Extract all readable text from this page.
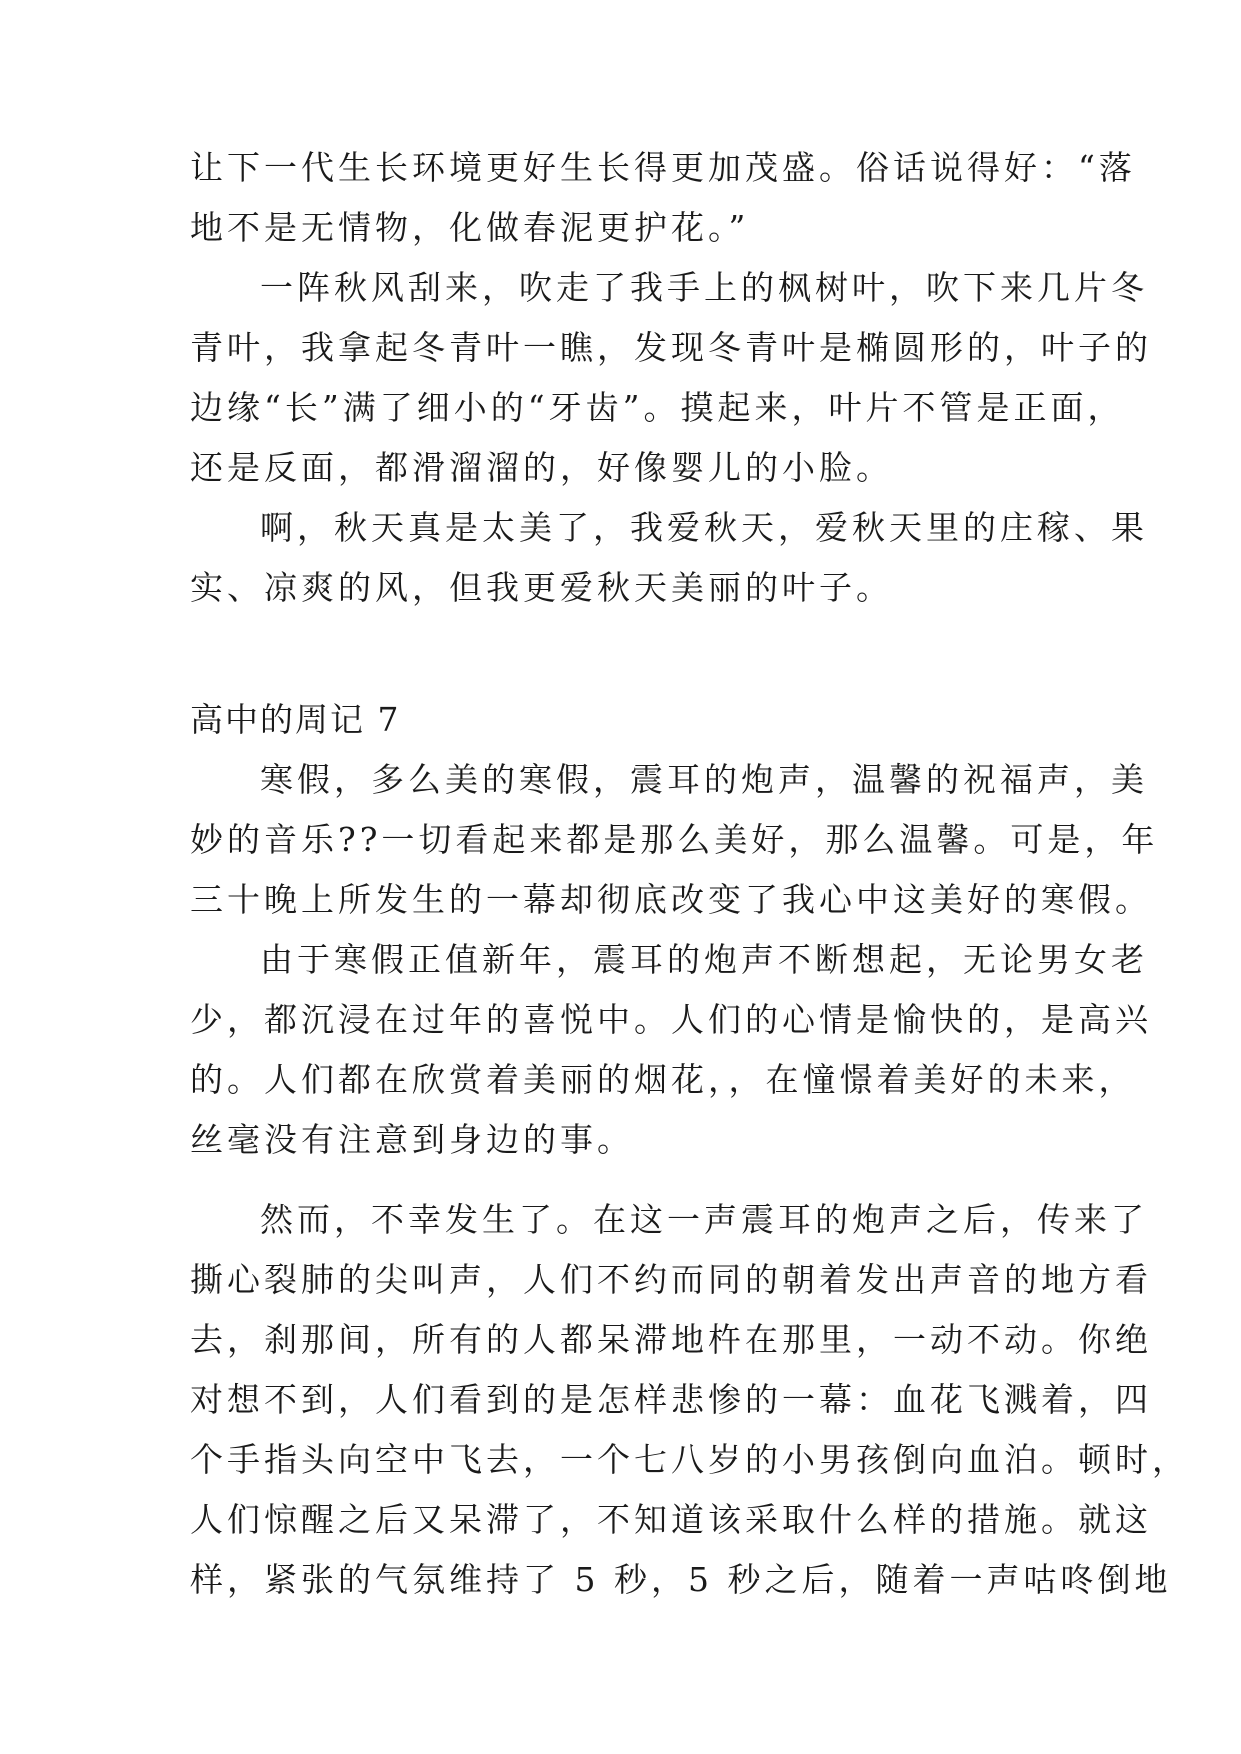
让下一代生长环境更好生长得更加茂盛。俗话说得好：“落
地不是无情物，化做春泥更护花。”
一阵秋风刮来，吹走了我手上的枫树叶，吹下来几片冬
青叶，我拿起冬青叶一瞧，发现冬青叶是椭圆形的，叶子的
边缘“长”满了细小的“牙齿”。摸起来，叶片不管是正面，
还是反面，都滑溜溜的，好像婴儿的小脸。
啊，秋天真是太美了，我爱秋天，爱秋天里的庄稼、果
实、凉爽的风，但我更爱秋天美丽的叶子。
高中的周记 7
寒假，多么美的寒假，震耳的炮声，温馨的祝福声，美
妙的音乐??一切看起来都是那么美好，那么温馨。可是，年
三十晚上所发生的一幕却彻底改变了我心中这美好的寒假。
由于寒假正值新年，震耳的炮声不断想起，无论男女老
少，都沉浸在过年的喜悦中。人们的心情是愉快的，是高兴
的。人们都在欣赏着美丽的烟花，，在憧憬着美好的未来，
丝毫没有注意到身边的事。
然而，不幸发生了。在这一声震耳的炮声之后，传来了
撕心裂肺的尖叫声，人们不约而同的朝着发出声音的地方看
去，刹那间，所有的人都呆滞地杵在那里，一动不动。你绝
对想不到，人们看到的是怎样悲惨的一幕：血花飞溅着，四
个手指头向空中飞去，一个七八岁的小男孩倒向血泊。顿时，
人们惊醒之后又呆滞了，不知道该采取什么样的措施。就这
样，紧张的气氛维持了 5 秒，5 秒之后，随着一声咕咚倒地
